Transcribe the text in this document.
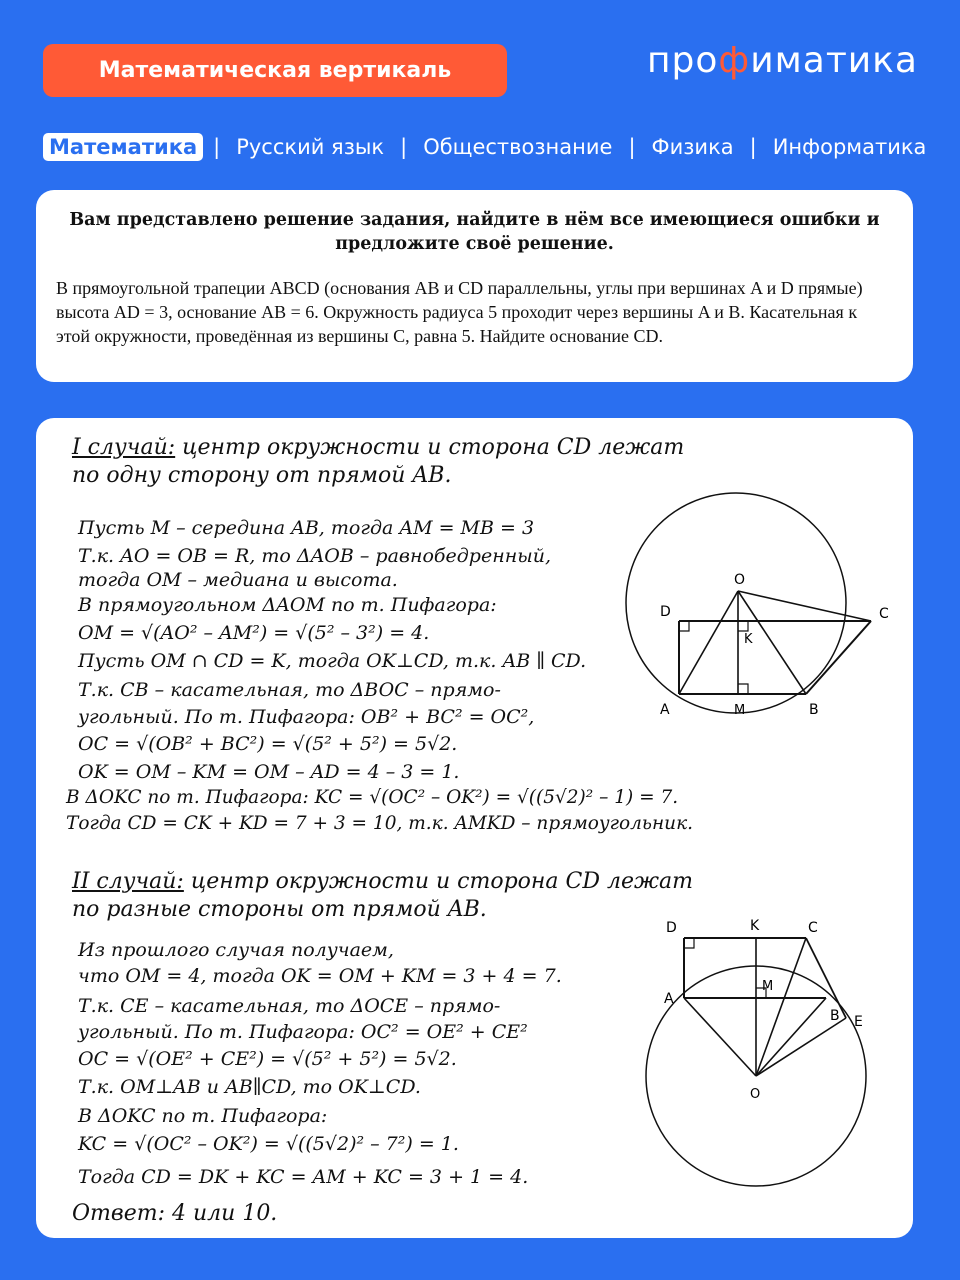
Математическая вертикаль	профиматика
Математика | Русский язык | Обществознание | Физика | Информатика
Вам представлено решение задания, найдите в нём все имеющиеся ошибки и предложите своё решение.
В прямоугольной трапеции ABCD (основания AB и CD параллельны, углы при вершинах A и D прямые) высота AD = 3, основание AB = 6. Окружность радиуса 5 проходит через вершины A и B. Касательная к этой окружности, проведённая из вершины C, равна 5. Найдите основание CD.
I случай: центр окружности и сторона CD лежат
по одну сторону от прямой AB.
Пусть M – середина AB, тогда AM = MB = 3
Т.к. AO = OB = R, то ΔAOB – равнобедренный,
тогда OM – медиана и высота.
В прямоугольном ΔAOM по т. Пифагора:
OM = √(AO² – AM²) = √(5² – 3²) = 4.
Пусть OM ∩ CD = K, тогда OK⊥CD, т.к. AB ∥ CD.
Т.к. CB – касательная, то ΔBOC – прямо-
угольный. По т. Пифагора: OB² + BC² = OC²,
OC = √(OB² + BC²) = √(5² + 5²) = 5√2.
OK = OM – KM = OM – AD = 4 – 3 = 1.
В ΔOKC по т. Пифагора: KC = √(OC² – OK²) = √((5√2)² – 1) = 7.
Тогда CD = CK + KD = 7 + 3 = 10, т.к. AMKD – прямоугольник.
O
D	C
K
A	M	B
II случай: центр окружности и сторона CD лежат
по разные стороны от прямой AB.
Из прошлого случая получаем,
что OM = 4, тогда OK = OM + KM = 3 + 4 = 7.
Т.к. CE – касательная, то ΔOCE – прямо-
угольный. По т. Пифагора: OC² = OE² + CE²
OC = √(OE² + CE²) = √(5² + 5²) = 5√2.
Т.к. OM⊥AB и AB∥CD, то OK⊥CD.
В ΔOKC по т. Пифагора:
KC = √(OC² – OK²) = √((5√2)² – 7²) = 1.
Тогда CD = DK + KC = AM + KC = 3 + 1 = 4.
Ответ: 4 или 10.
D	K	C
A
M
B E
O
